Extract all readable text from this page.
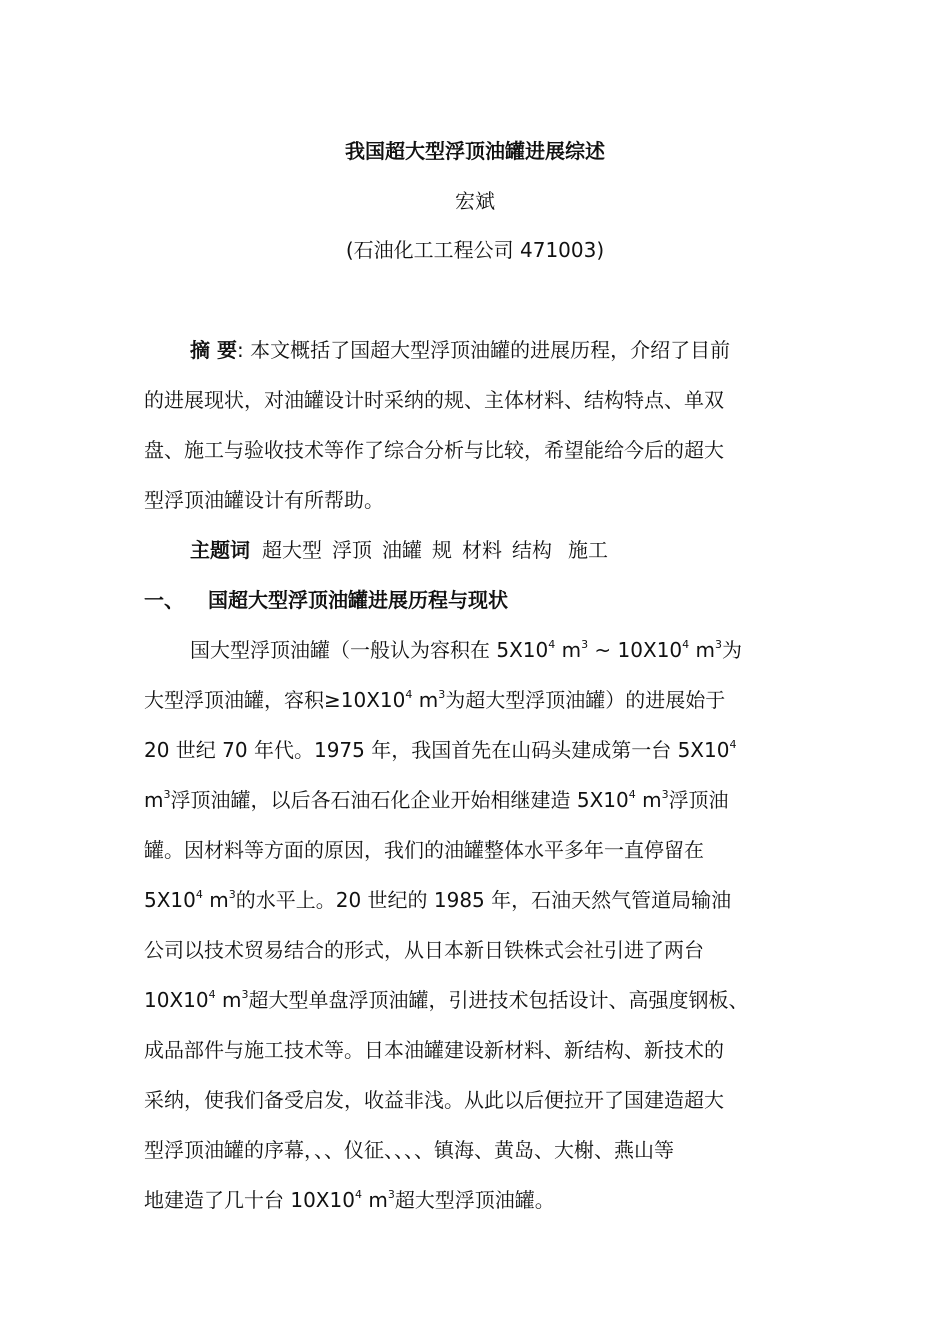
我国超大型浮顶油罐进展综述
宏斌
(石油化工工程公司 471003)
摘 要: 本文概括了国超大型浮顶油罐的进展历程，介绍了目前
的进展现状，对油罐设计时采纳的规、主体材料、结构特点、单双
盘、施工与验收技术等作了综合分析与比较，希望能给今后的超大
型浮顶油罐设计有所帮助。
主题词 超大型 浮顶 油罐 规 材料 结构 施工
一、 国超大型浮顶油罐进展历程与现状
国大型浮顶油罐（一般认为容积在 $5X10^4$ $m^3$ ~ $10X10^4$ $m^3$为
大型浮顶油罐，容积$\ge 10X10^4$ $m^3$为超大型浮顶油罐）的进展始于
20 世纪 70 年代。1975 年，我国首先在山码头建成第一台 $5X10^4$
$m^3$浮顶油罐，以后各石油石化企业开始相继建造 $5X10^4$ $m^3$浮顶油
罐。因材料等方面的原因，我们的油罐整体水平多年一直停留在
$5X10^4$ $m^3$的水平上。20 世纪的 1985 年，石油天然气管道局输油
公司以技术贸易结合的形式，从日本新日铁株式会社引进了两台
$10X10^4$ $m^3$超大型单盘浮顶油罐，引进技术包括设计、高强度钢板、
成品部件与施工技术等。日本油罐建设新材料、新结构、新技术的
采纳，使我们备受启发，收益非浅。从此以后便拉开了国建造超大
型浮顶油罐的序幕，、、仪征、、、、镇海、黄岛、大榭、燕山等
地建造了几十台 $10X10^4$ $m^3$超大型浮顶油罐。
